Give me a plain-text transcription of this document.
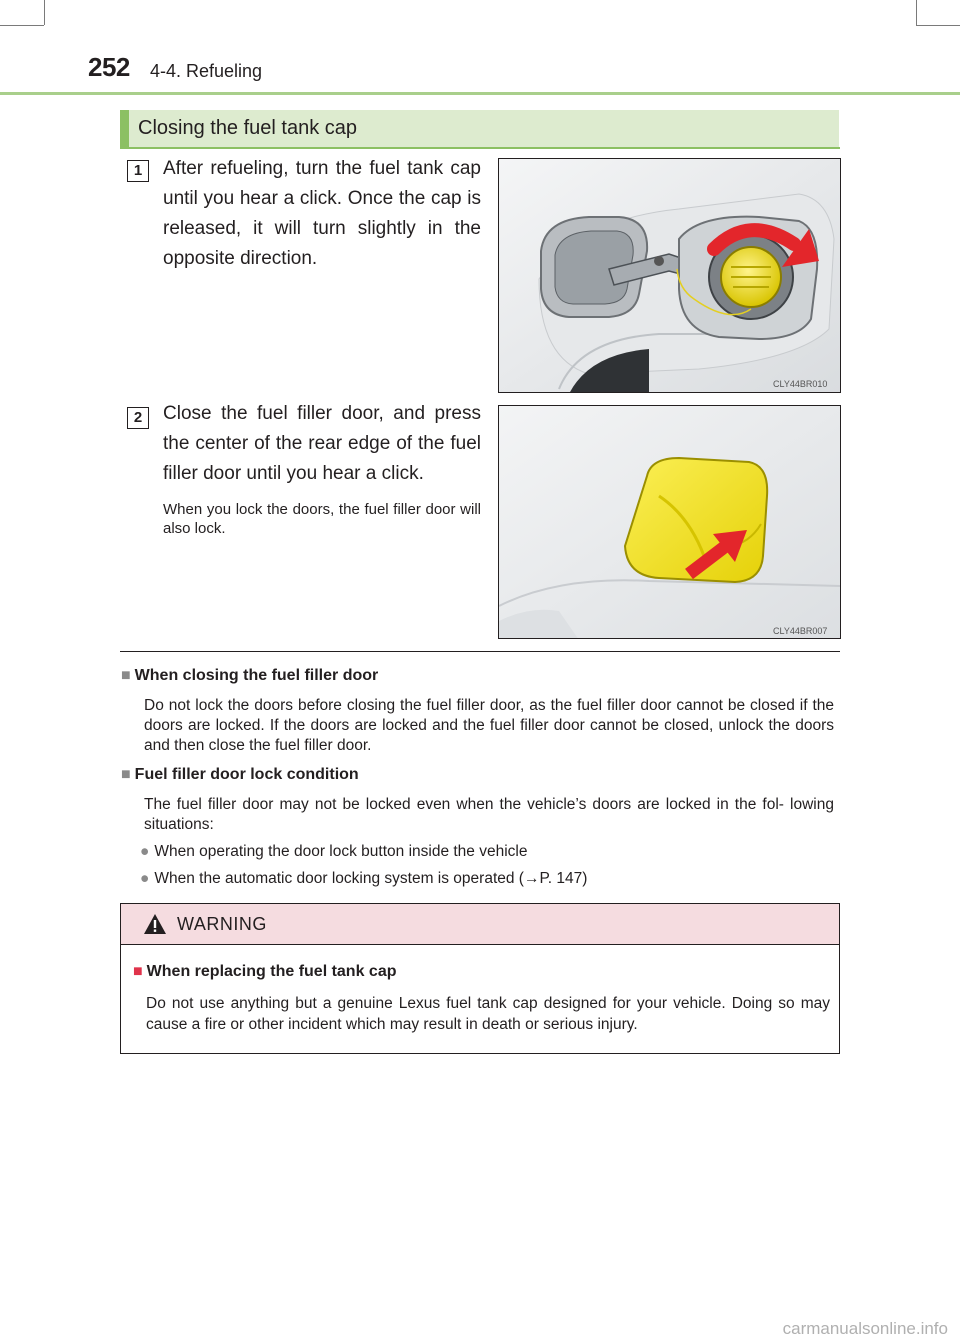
252 4-4. Refueling
Closing the fuel tank cap
1	After refueling, turn the fuel tank cap until you hear a click. Once the cap is released, it will turn slightly in the opposite direction.
CLY44BR010
2	Close the fuel filler door, and press the center of the rear edge of the fuel filler door until you hear a click.
When you lock the doors, the fuel filler door will also lock.
CLY44BR007
■ When closing the fuel filler door
Do not lock the doors before closing the fuel filler door, as the fuel filler door cannot be closed if the doors are locked. If the doors are locked and the fuel filler door cannot be closed, unlock the doors and then close the fuel filler door.
■ Fuel filler door lock condition
The fuel filler door may not be locked even when the vehicle’s doors are locked in the fol- lowing situations:
● When operating the door lock button inside the vehicle
● When the automatic door locking system is operated (→P. 147)
WARNING
■ When replacing the fuel tank cap
Do not use anything but a genuine Lexus fuel tank cap designed for your vehicle. Doing so may cause a fire or other incident which may result in death or serious injury.
carmanualsonline.info
